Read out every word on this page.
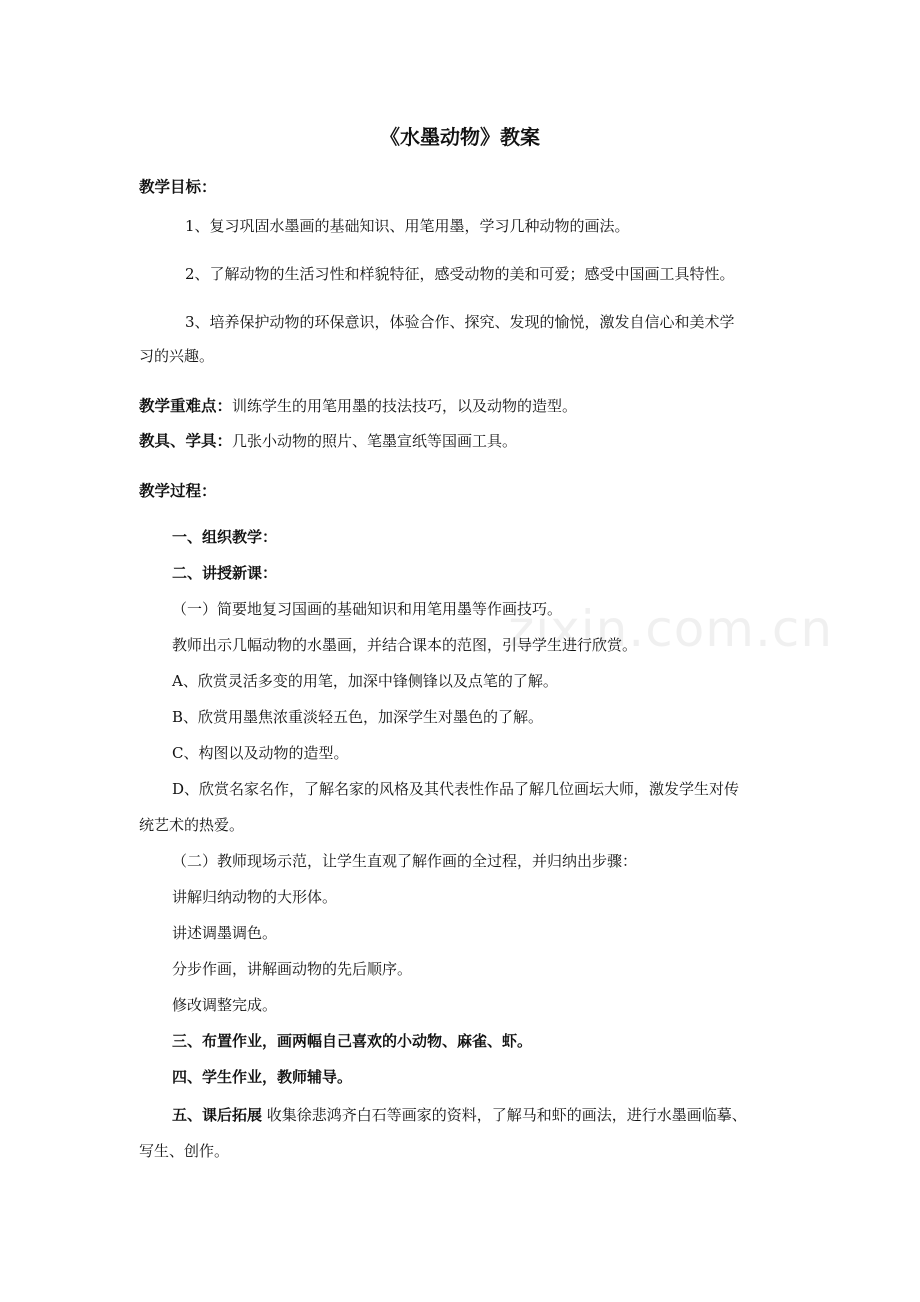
zixin.com.cn
《水墨动物》教案
教学目标：
1、复习巩固水墨画的基础知识、用笔用墨，学习几种动物的画法。
2、了解动物的生活习性和样貌特征，感受动物的美和可爱；感受中国画工具特性。
3、培养保护动物的环保意识，体验合作、探究、发现的愉悦，激发自信心和美术学
习的兴趣。
教学重难点：训练学生的用笔用墨的技法技巧，以及动物的造型。
教具、学具：几张小动物的照片、笔墨宣纸等国画工具。
教学过程：
一、组织教学：
二、讲授新课：
（一）简要地复习国画的基础知识和用笔用墨等作画技巧。
教师出示几幅动物的水墨画，并结合课本的范图，引导学生进行欣赏。
A、欣赏灵活多变的用笔，加深中锋侧锋以及点笔的了解。
B、欣赏用墨焦浓重淡轻五色，加深学生对墨色的了解。
C、构图以及动物的造型。
D、欣赏名家名作，了解名家的风格及其代表性作品了解几位画坛大师，激发学生对传
统艺术的热爱。
（二）教师现场示范，让学生直观了解作画的全过程，并归纳出步骤：
讲解归纳动物的大形体。
讲述调墨调色。
分步作画，讲解画动物的先后顺序。
修改调整完成。
三、布置作业，画两幅自己喜欢的小动物、麻雀、虾。
四、学生作业，教师辅导。
五、课后拓展 收集徐悲鸿齐白石等画家的资料，了解马和虾的画法，进行水墨画临摹、
写生、创作。
